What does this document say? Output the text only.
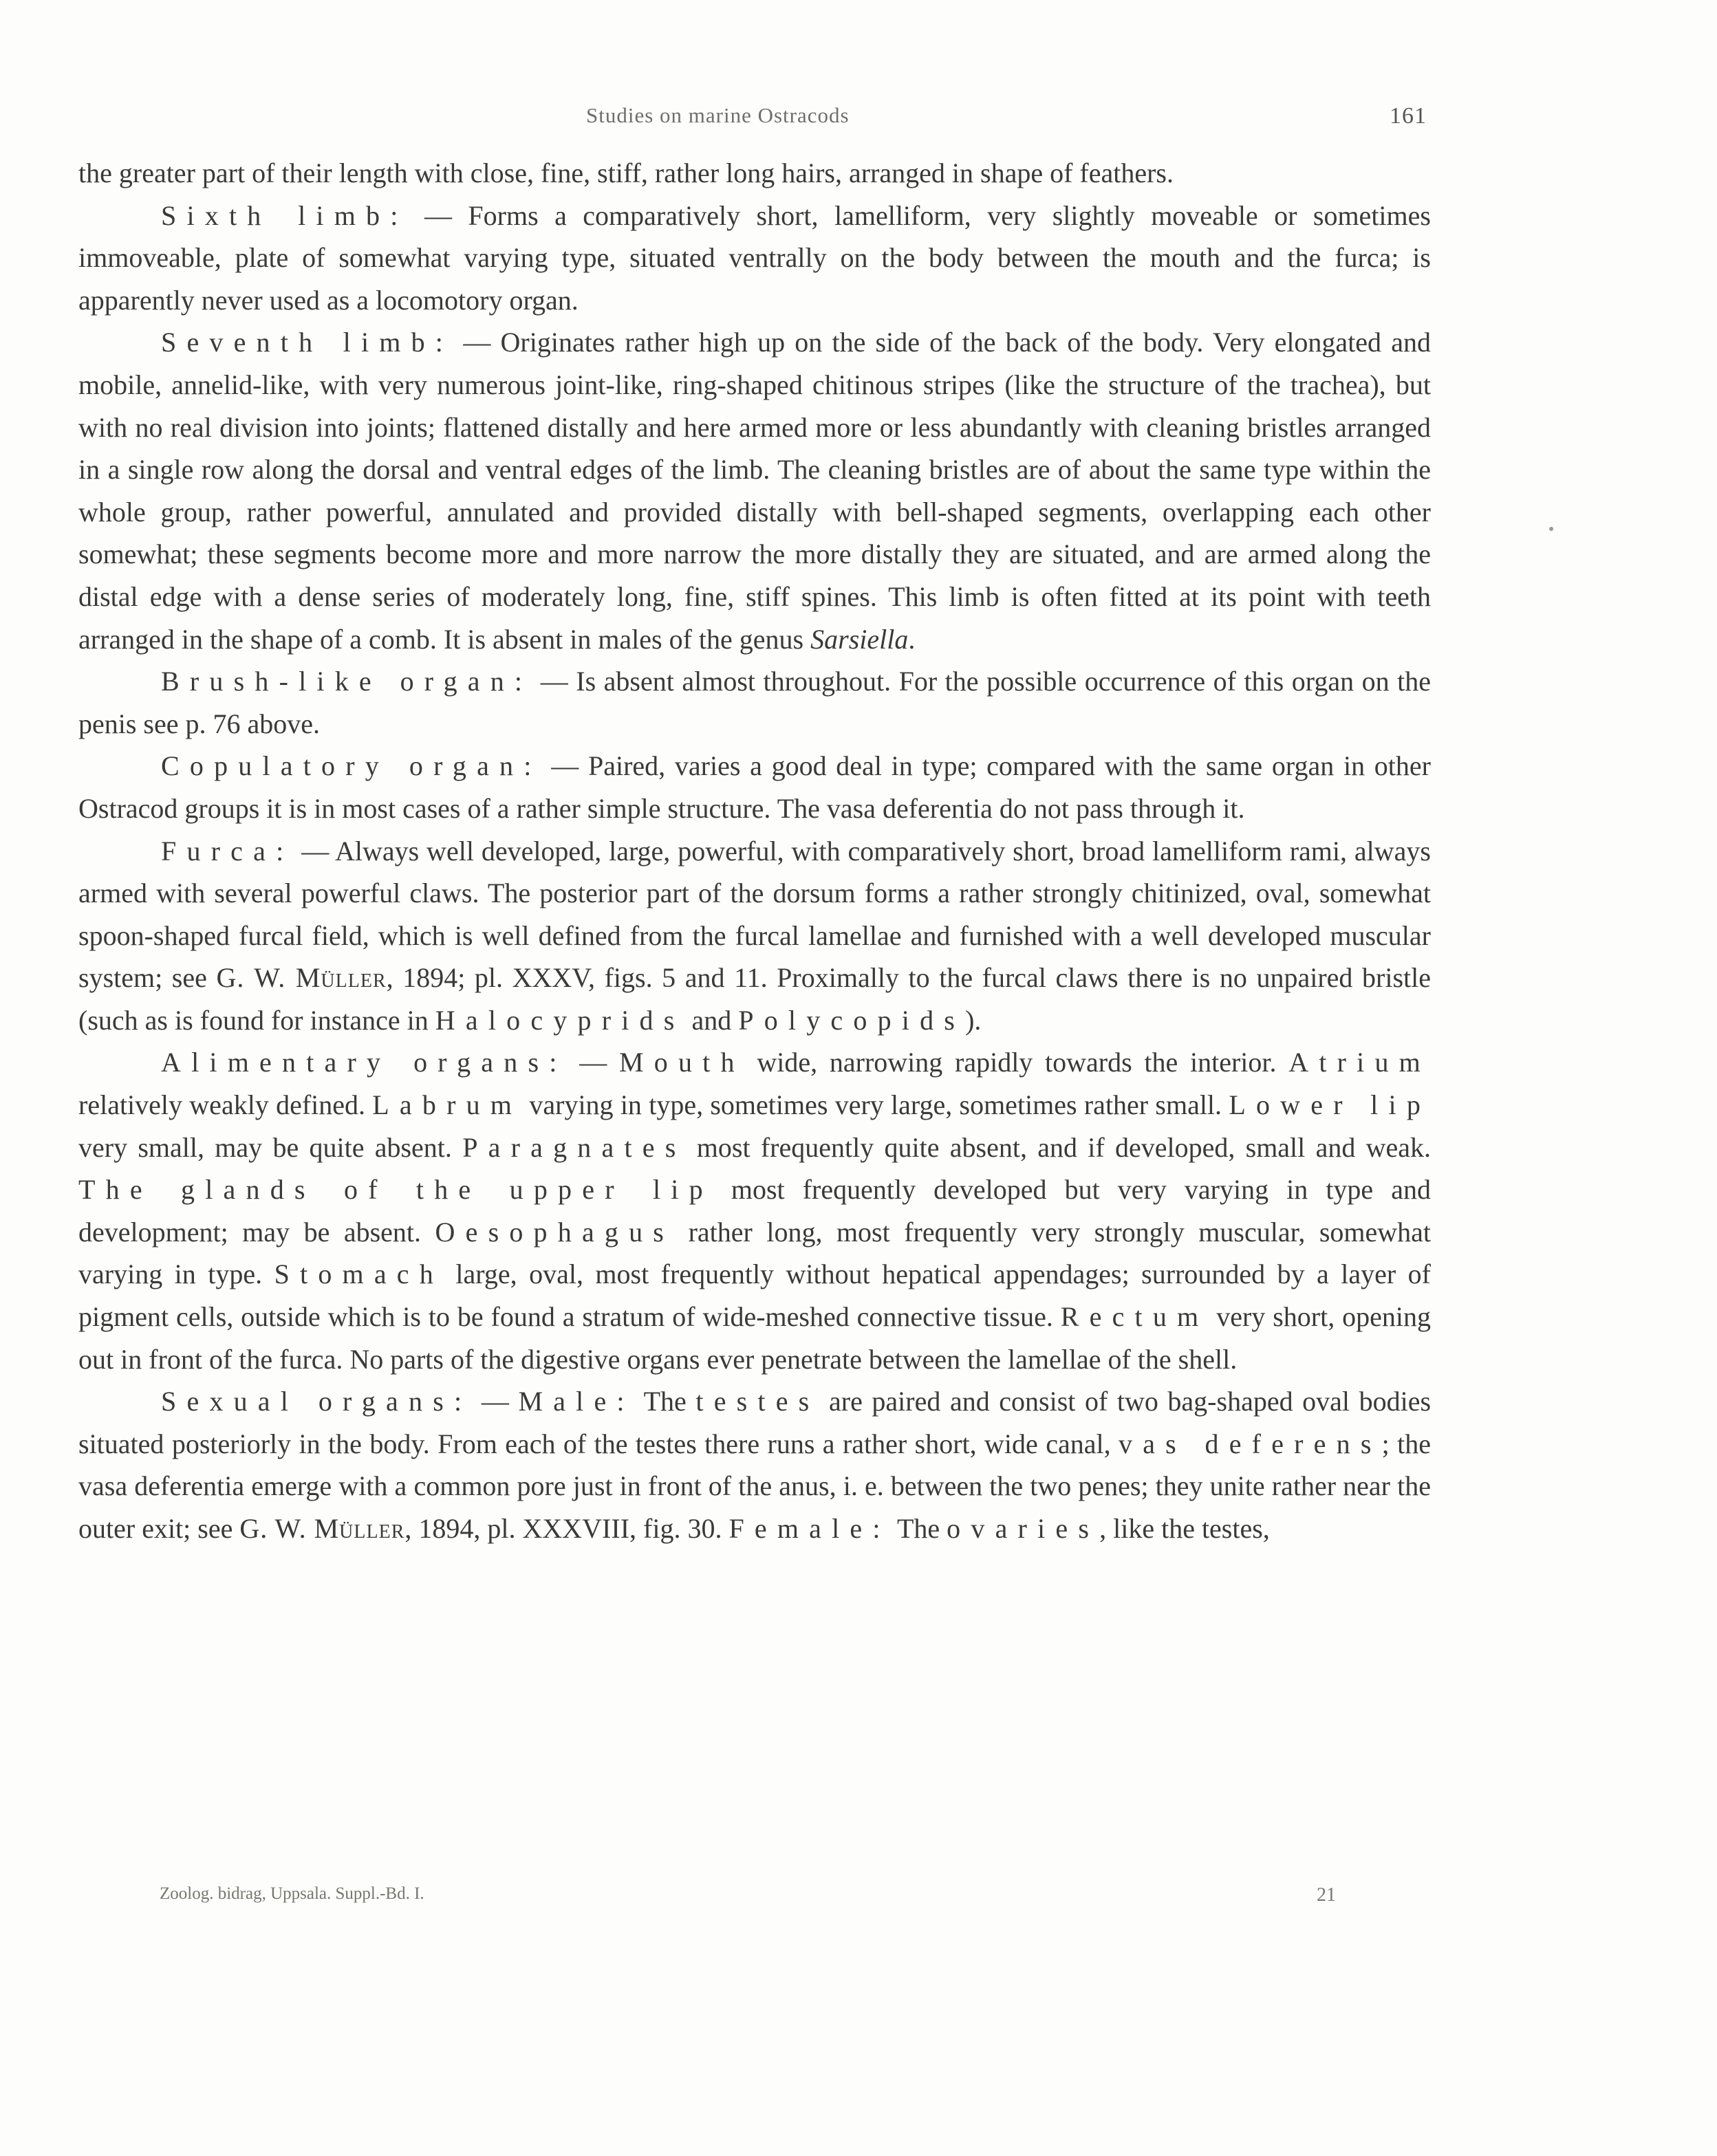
Studies on marine Ostracods	161

the greater part of their length with close, fine, stiff, rather long hairs, arranged in shape of feathers.

Sixth limb: — Forms a comparatively short, lamelliform, very slightly moveable or sometimes immoveable, plate of somewhat varying type, situated ventrally on the body between the mouth and the furca; is apparently never used as a locomotory organ.

Seventh limb: — Originates rather high up on the side of the back of the body. Very elongated and mobile, annelid-like, with very numerous joint-like, ring-shaped chitinous stripes (like the structure of the trachea), but with no real division into joints; flattened distally and here armed more or less abundantly with cleaning bristles arranged in a single row along the dorsal and ventral edges of the limb. The cleaning bristles are of about the same type within the whole group, rather powerful, annulated and provided distally with bell-shaped segments, overlapping each other somewhat; these segments become more and more narrow the more distally they are situated, and are armed along the distal edge with a dense series of moderately long, fine, stiff spines. This limb is often fitted at its point with teeth arranged in the shape of a comb. It is absent in males of the genus Sarsiella.

Brush-like organ: — Is absent almost throughout. For the possible occurrence of this organ on the penis see p. 76 above.

Copulatory organ: — Paired, varies a good deal in type; compared with the same organ in other Ostracod groups it is in most cases of a rather simple structure. The vasa deferentia do not pass through it.

Furca: — Always well developed, large, powerful, with comparatively short, broad lamelliform rami, always armed with several powerful claws. The posterior part of the dorsum forms a rather strongly chitinized, oval, somewhat spoon-shaped furcal field, which is well defined from the furcal lamellae and furnished with a well developed muscular system; see G. W. Müller, 1894; pl. XXXV, figs. 5 and 11. Proximally to the furcal claws there is no unpaired bristle (such as is found for instance in Halocyprids and Polycopids).

Alimentary organs: — Mouth wide, narrowing rapidly towards the interior. Atrium relatively weakly defined. Labrum varying in type, sometimes very large, sometimes rather small. Lower lip very small, may be quite absent. Paragnates most frequently quite absent, and if developed, small and weak. The glands of the upper lip most frequently developed but very varying in type and development; may be absent. Oesophagus rather long, most frequently very strongly muscular, somewhat varying in type. Stomach large, oval, most frequently without hepatical appendages; surrounded by a layer of pigment cells, outside which is to be found a stratum of wide-meshed connective tissue. Rectum very short, opening out in front of the furca. No parts of the digestive organs ever penetrate between the lamellae of the shell.

Sexual organs: — Male: The testes are paired and consist of two bag-shaped oval bodies situated posteriorly in the body. From each of the testes there runs a rather short, wide canal, vas deferens; the vasa deferentia emerge with a common pore just in front of the anus, i. e. between the two penes; they unite rather near the outer exit; see G. W. Müller, 1894, pl. XXXVIII, fig. 30. Female: The ovaries, like the testes,

Zoolog. bidrag, Uppsala. Suppl.-Bd. I.	21
